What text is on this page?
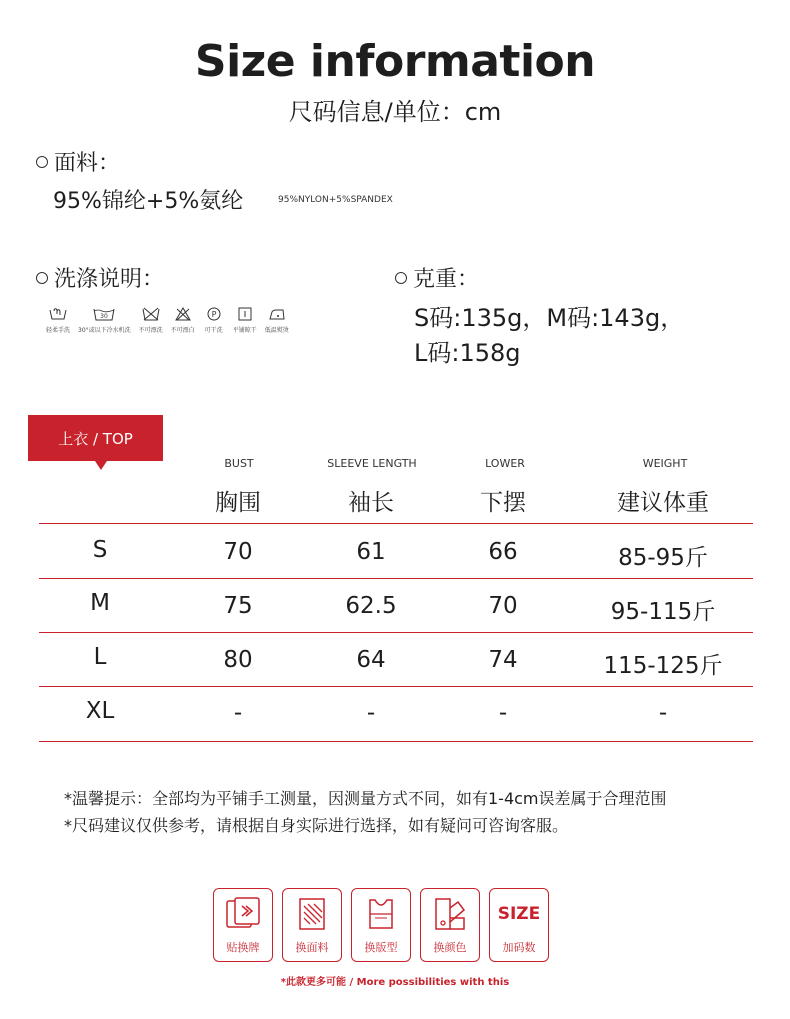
Size information
尺码信息/单位：cm
面料：
95%锦纶+5%氨纶	95%NYLON+5%SPANDEX
洗涤说明：
轻柔手洗
30
30°或以下冷水机洗 不可漂洗 不可漂白
P
可干洗 平铺晾干 低温熨烫
克重：
S码:135g，M码:143g，
L码:158g
上衣 / TOP
BUST	SLEEVE LENGTH	LOWER	WEIGHT
胸围	袖长	下摆	建议体重
S	70	61	66	85-95斤
M	75	62.5	70	95-115斤
L	80	64	74	115-125斤
XL	-	-	-	-
*温馨提示：全部均为平铺手工测量，因测量方式不同，如有1-4cm误差属于合理范围
*尺码建议仅供参考，请根据自身实际进行选择，如有疑问可咨询客服。
贴换牌	换面料	换版型	换颜色
SIZE
加码数
*此款更多可能 / More possibilities with this
